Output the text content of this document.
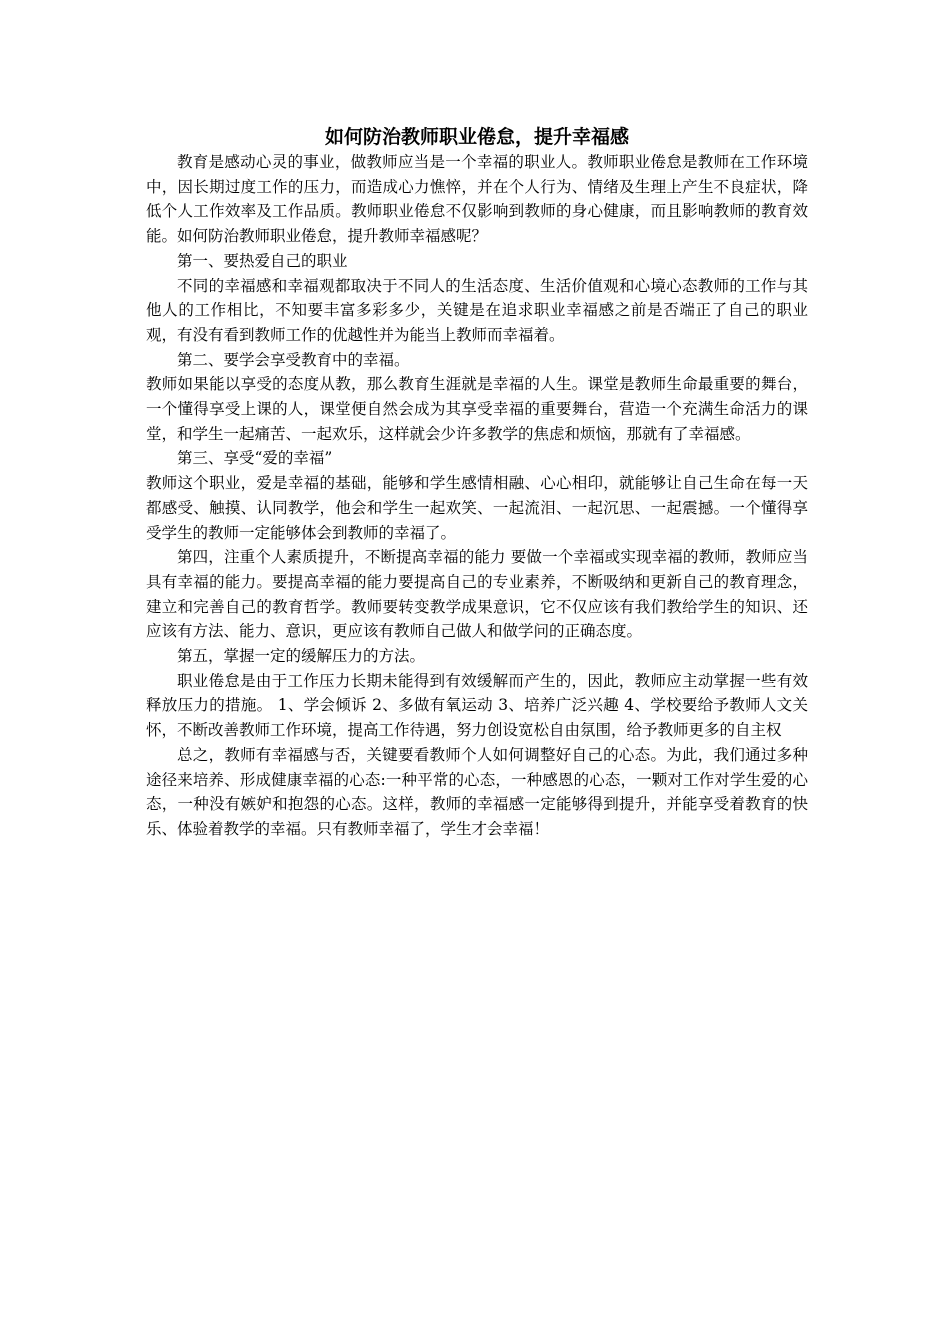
如何防治教师职业倦怠，提升幸福感

教育是感动心灵的事业，做教师应当是一个幸福的职业人。教师职业倦怠是教师在工作环境中，因长期过度工作的压力，而造成心力憔悴，并在个人行为、情绪及生理上产生不良症状，降低个人工作效率及工作品质。教师职业倦怠不仅影响到教师的身心健康，而且影响教师的教育效能。如何防治教师职业倦怠，提升教师幸福感呢？

第一、要热爱自己的职业

不同的幸福感和幸福观都取决于不同人的生活态度、生活价值观和心境心态教师的工作与其他人的工作相比，不知要丰富多彩多少，关键是在追求职业幸福感之前是否端正了自己的职业观，有没有看到教师工作的优越性并为能当上教师而幸福着。

第二、要学会享受教育中的幸福。

教师如果能以享受的态度从教，那么教育生涯就是幸福的人生。课堂是教师生命最重要的舞台，一个懂得享受上课的人，课堂便自然会成为其享受幸福的重要舞台，营造一个充满生命活力的课堂，和学生一起痛苦、一起欢乐，这样就会少许多教学的焦虑和烦恼，那就有了幸福感。

第三、享受“爱的幸福”

教师这个职业，爱是幸福的基础，能够和学生感情相融、心心相印，就能够让自己生命在每一天都感受、触摸、认同教学，他会和学生一起欢笑、一起流泪、一起沉思、一起震撼。一个懂得享受学生的教师一定能够体会到教师的幸福了。

第四，注重个人素质提升，不断提高幸福的能力 要做一个幸福或实现幸福的教师，教师应当具有幸福的能力。要提高幸福的能力要提高自己的专业素养，不断吸纳和更新自己的教育理念，建立和完善自己的教育哲学。教师要转变教学成果意识，它不仅应该有我们教给学生的知识、还应该有方法、能力、意识，更应该有教师自己做人和做学问的正确态度。

第五，掌握一定的缓解压力的方法。

职业倦怠是由于工作压力长期未能得到有效缓解而产生的，因此，教师应主动掌握一些有效释放压力的措施。 1、学会倾诉 2、多做有氧运动 3、培养广泛兴趣 4、学校要给予教师人文关怀，不断改善教师工作环境，提高工作待遇，努力创设宽松自由氛围，给予教师更多的自主权

总之，教师有幸福感与否，关键要看教师个人如何调整好自己的心态。为此，我们通过多种途径来培养、形成健康幸福的心态:一种平常的心态，一种感恩的心态，一颗对工作对学生爱的心态，一种没有嫉妒和抱怨的心态。这样，教师的幸福感一定能够得到提升，并能享受着教育的快乐、体验着教学的幸福。只有教师幸福了，学生才会幸福！
